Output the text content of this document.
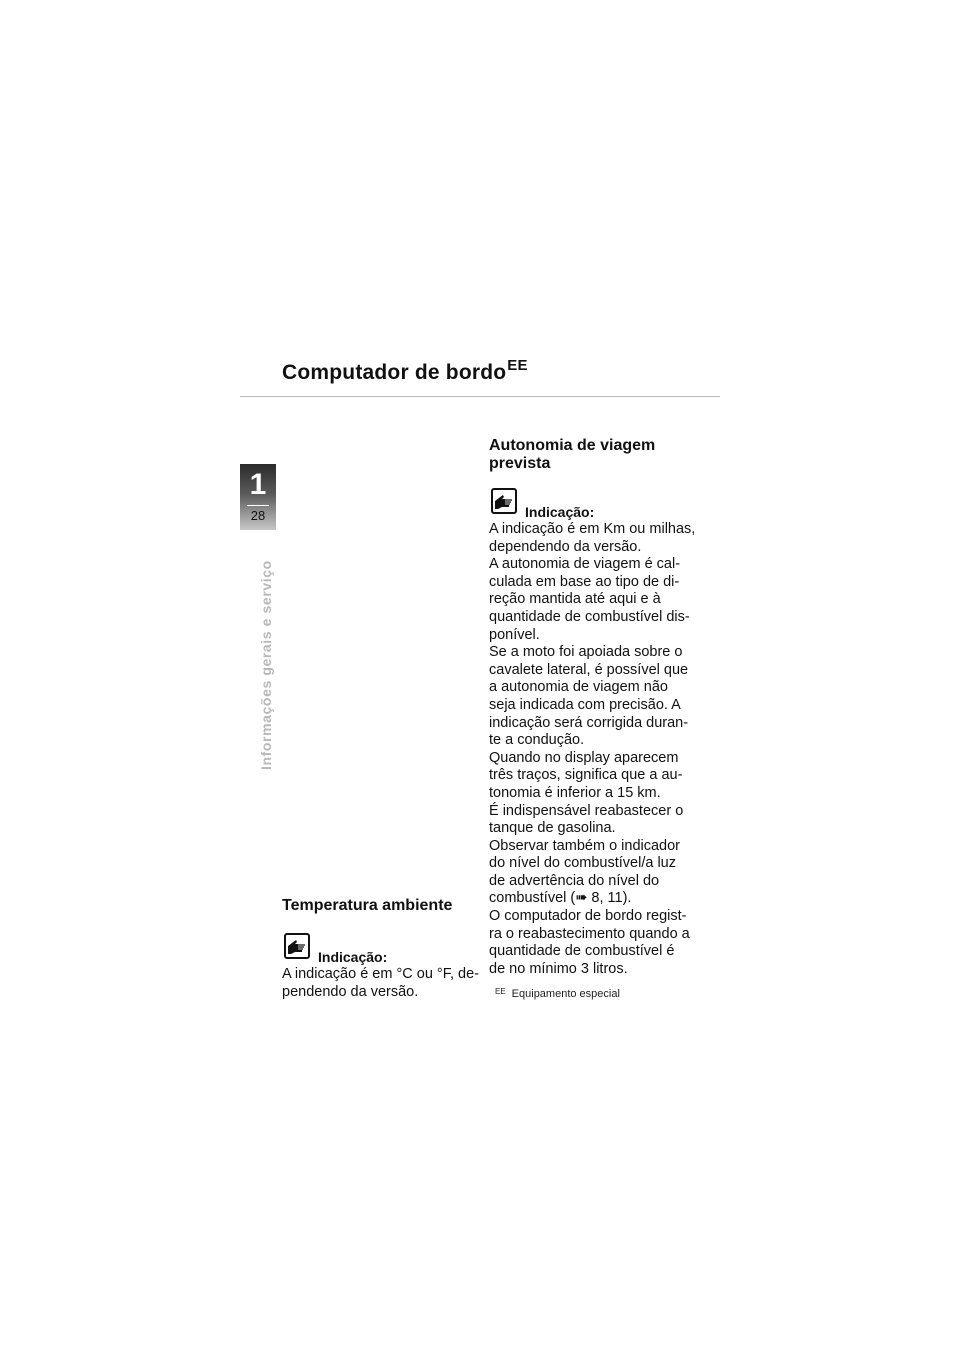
Computador de bordo$^{EE}$
1
28
Informações gerais e serviço
Temperatura ambiente
Indicação:
A indicação é em °C ou °F, de-
pendendo da versão.
Autonomia de viagem
prevista
Indicação:
A indicação é em Km ou milhas,
dependendo da versão.
A autonomia de viagem é cal-
culada em base ao tipo de di-
reção mantida até aqui e à
quantidade de combustível dis-
ponível.
Se a moto foi apoiada sobre o
cavalete lateral, é possível que
a autonomia de viagem não
seja indicada com precisão. A
indicação será corrigida duran-
te a condução.
Quando no display aparecem
três traços, significa que a au-
tonomia é inferior a 15 km.
É indispensável reabastecer o
tanque de gasolina.
Observar também o indicador
do nível do combustível/a luz
de advertência do nível do
combustível (➠ 8, 11).
O computador de bordo regist-
ra o reabastecimento quando a
quantidade de combustível é
de no mínimo 3 litros.
$^{EE}$ Equipamento especial
